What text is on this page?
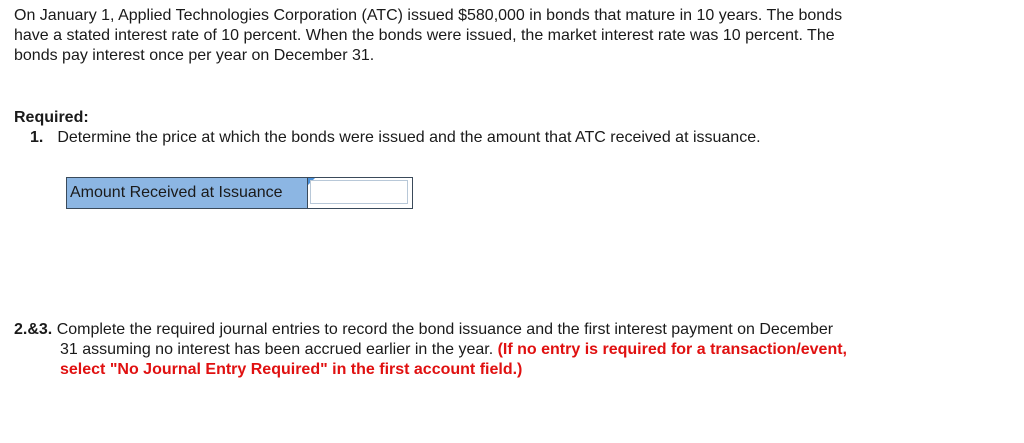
On January 1, Applied Technologies Corporation (ATC) issued $580,000 in bonds that mature in 10 years. The bonds
have a stated interest rate of 10 percent. When the bonds were issued, the market interest rate was 10 percent. The
bonds pay interest once per year on December 31.
Required:
1. Determine the price at which the bonds were issued and the amount that ATC received at issuance.
Amount Received at Issuance
2.&3. Complete the required journal entries to record the bond issuance and the first interest payment on December
31 assuming no interest has been accrued earlier in the year. (If no entry is required for a transaction/event,
select "No Journal Entry Required" in the first account field.)
